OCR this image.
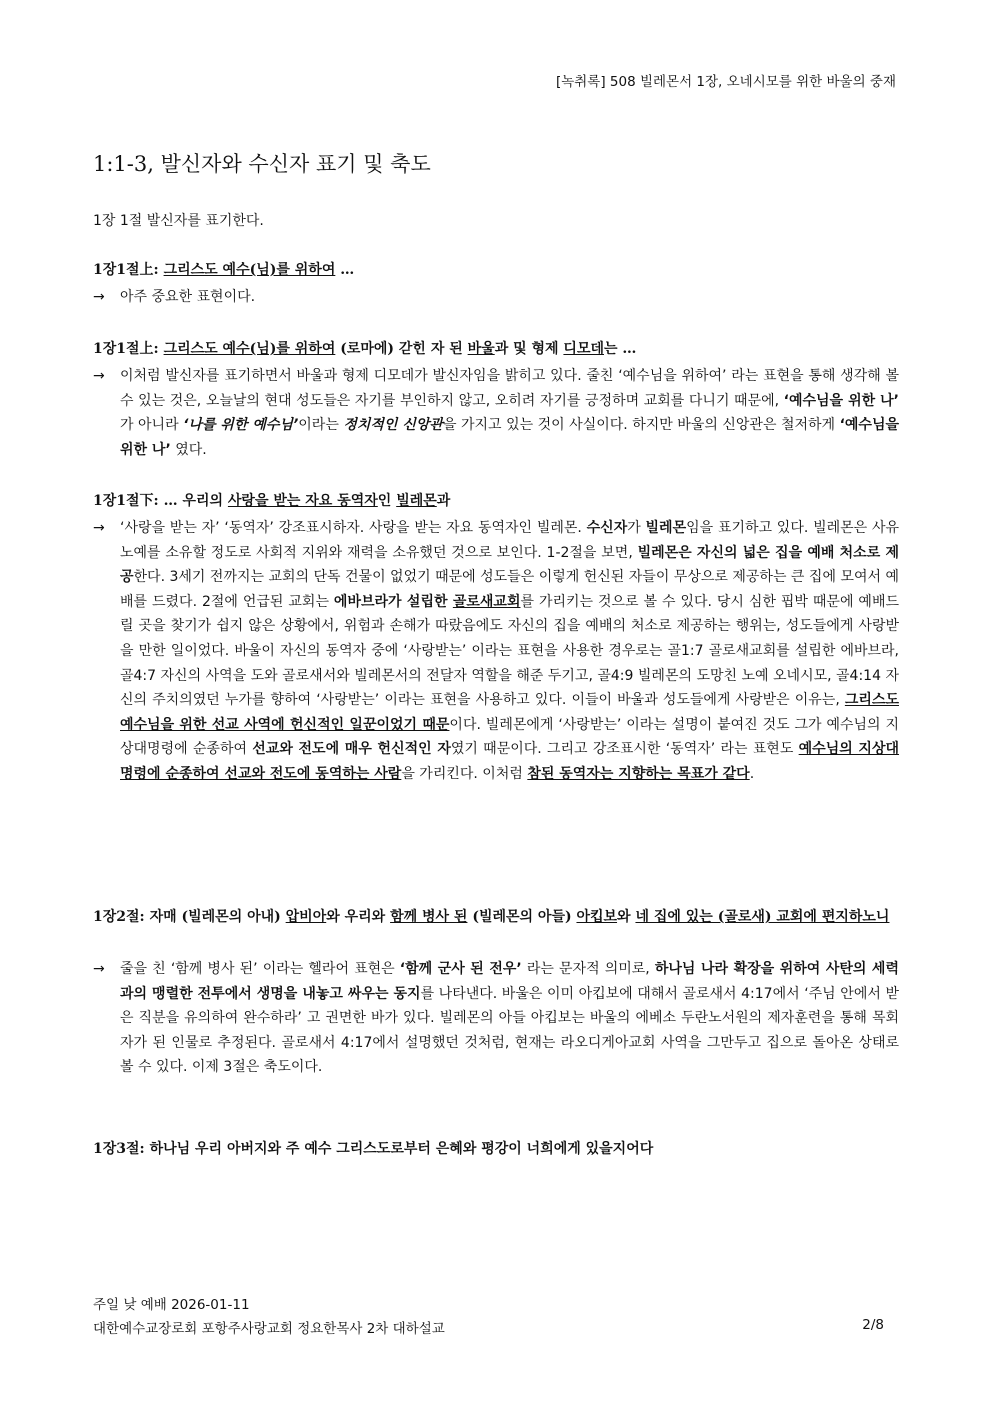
[녹취록] 508 빌레몬서 1장, 오네시모를 위한 바울의 중재
1:1-3, 발신자와 수신자 표기 및 축도
1장 1절 발신자를 표기한다.
1장1절上: 그리스도 예수(님)를 위하여 …
→ 아주 중요한 표현이다.
1장1절上: 그리스도 예수(님)를 위하여 (로마에) 갇힌 자 된 바울과 및 형제 디모데는 …
→ 이처럼 발신자를 표기하면서 바울과 형제 디모데가 발신자임을 밝히고 있다. 줄친 ‘예수님을 위하여’ 라는 표현을 통해 생각해 볼 수 있는 것은, 오늘날의 현대 성도들은 자기를 부인하지 않고, 오히려 자기를 긍정하며 교회를 다니기 때문에, ‘예수님을 위한 나’ 가 아니라 ‘나를 위한 예수님’이라는 정치적인 신앙관을 가지고 있는 것이 사실이다. 하지만 바울의 신앙관은 철저하게 ‘예수님을 위한 나’ 였다.
1장1절下: … 우리의 사랑을 받는 자요 동역자인 빌레몬과
→ ‘사랑을 받는 자’ ‘동역자’ 강조표시하자. 사랑을 받는 자요 동역자인 빌레몬. 수신자가 빌레몬임을 표기하고 있다. 빌레몬은 사유 노예를 소유할 정도로 사회적 지위와 재력을 소유했던 것으로 보인다. 1-2절을 보면, 빌레몬은 자신의 넓은 집을 예배 처소로 제공한다. 3세기 전까지는 교회의 단독 건물이 없었기 때문에 성도들은 이렇게 헌신된 자들이 무상으로 제공하는 큰 집에 모여서 예배를 드렸다. 2절에 언급된 교회는 에바브라가 설립한 골로새교회를 가리키는 것으로 볼 수 있다. 당시 심한 핍박 때문에 예배드릴 곳을 찾기가 쉽지 않은 상황에서, 위험과 손해가 따랐음에도 자신의 집을 예배의 처소로 제공하는 행위는, 성도들에게 사랑받을 만한 일이었다. 바울이 자신의 동역자 중에 ‘사랑받는’ 이라는 표현을 사용한 경우로는 골1:7 골로새교회를 설립한 에바브라, 골4:7 자신의 사역을 도와 골로새서와 빌레몬서의 전달자 역할을 해준 두기고, 골4:9 빌레몬의 도망친 노예 오네시모, 골4:14 자신의 주치의였던 누가를 향하여 ‘사랑받는’ 이라는 표현을 사용하고 있다. 이들이 바울과 성도들에게 사랑받은 이유는, 그리스도 예수님을 위한 선교 사역에 헌신적인 일꾼이었기 때문이다. 빌레몬에게 ‘사랑받는’ 이라는 설명이 붙여진 것도 그가 예수님의 지상대명령에 순종하여 선교와 전도에 매우 헌신적인 자였기 때문이다. 그리고 강조표시한 ‘동역자’ 라는 표현도 예수님의 지상대명령에 순종하여 선교와 전도에 동역하는 사람을 가리킨다. 이처럼 참된 동역자는 지향하는 목표가 같다.
1장2절: 자매 (빌레몬의 아내) 압비아와 우리와 함께 병사 된 (빌레몬의 아들) 아킵보와 네 집에 있는 (골로새) 교회에 편지하노니
→ 줄을 친 ‘함께 병사 된’ 이라는 헬라어 표현은 ‘함께 군사 된 전우’ 라는 문자적 의미로, 하나님 나라 확장을 위하여 사탄의 세력과의 맹렬한 전투에서 생명을 내놓고 싸우는 동지를 나타낸다. 바울은 이미 아킵보에 대해서 골로새서 4:17에서 ‘주님 안에서 받은 직분을 유의하여 완수하라’ 고 권면한 바가 있다. 빌레몬의 아들 아킵보는 바울의 에베소 두란노서원의 제자훈련을 통해 목회자가 된 인물로 추정된다. 골로새서 4:17에서 설명했던 것처럼, 현재는 라오디게아교회 사역을 그만두고 집으로 돌아온 상태로 볼 수 있다. 이제 3절은 축도이다.
1장3절: 하나님 우리 아버지와 주 예수 그리스도로부터 은혜와 평강이 너희에게 있을지어다
주일 낮 예배 2026-01-11
대한예수교장로회 포항주사랑교회 정요한목사 2차 대하설교	2/8
